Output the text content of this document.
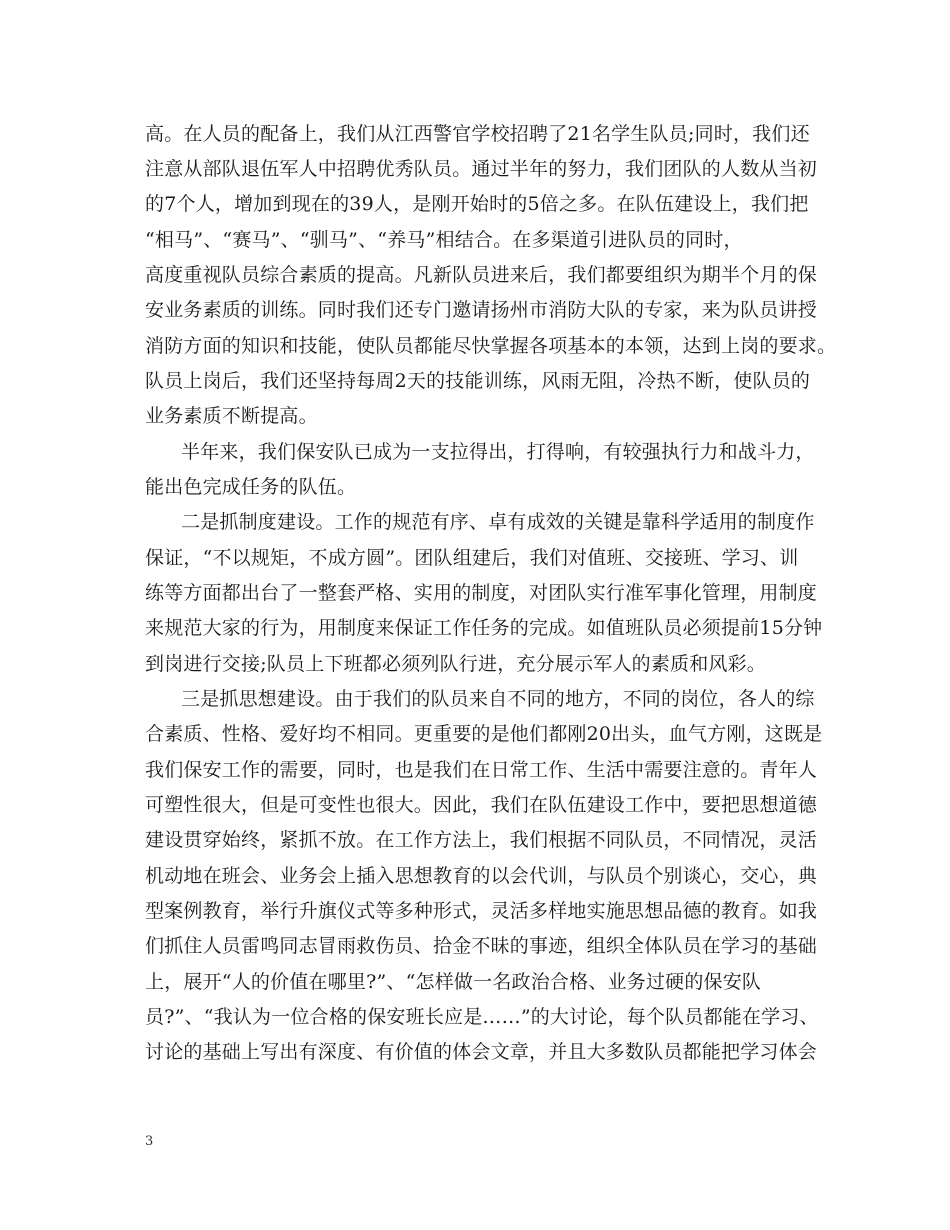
高。在人员的配备上，我们从江西警官学校招聘了21名学生队员;同时，我们还
注意从部队退伍军人中招聘优秀队员。通过半年的努力，我们团队的人数从当初
的7个人，增加到现在的39人，是刚开始时的5倍之多。在队伍建设上，我们把
“相马”、“赛马”、“驯马”、“养马”相结合。在多渠道引进队员的同时，
高度重视队员综合素质的提高。凡新队员进来后，我们都要组织为期半个月的保
安业务素质的训练。同时我们还专门邀请扬州市消防大队的专家，来为队员讲授
消防方面的知识和技能，使队员都能尽快掌握各项基本的本领，达到上岗的要求。
队员上岗后，我们还坚持每周2天的技能训练，风雨无阻，冷热不断，使队员的
业务素质不断提高。
半年来，我们保安队已成为一支拉得出，打得响，有较强执行力和战斗力，
能出色完成任务的队伍。
二是抓制度建设。工作的规范有序、卓有成效的关键是靠科学适用的制度作
保证，“不以规矩，不成方圆”。团队组建后，我们对值班、交接班、学习、训
练等方面都出台了一整套严格、实用的制度，对团队实行准军事化管理，用制度
来规范大家的行为，用制度来保证工作任务的完成。如值班队员必须提前15分钟
到岗进行交接;队员上下班都必须列队行进，充分展示军人的素质和风彩。
三是抓思想建设。由于我们的队员来自不同的地方，不同的岗位，各人的综
合素质、性格、爱好均不相同。更重要的是他们都刚20出头，血气方刚，这既是
我们保安工作的需要，同时，也是我们在日常工作、生活中需要注意的。青年人
可塑性很大，但是可变性也很大。因此，我们在队伍建设工作中，要把思想道德
建设贯穿始终，紧抓不放。在工作方法上，我们根据不同队员，不同情况，灵活
机动地在班会、业务会上插入思想教育的以会代训，与队员个别谈心，交心，典
型案例教育，举行升旗仪式等多种形式，灵活多样地实施思想品德的教育。如我
们抓住人员雷鸣同志冒雨救伤员、拾金不昧的事迹，组织全体队员在学习的基础
上，展开“人的价值在哪里?”、“怎样做一名政治合格、业务过硬的保安队
员?”、“我认为一位合格的保安班长应是……”的大讨论，每个队员都能在学习、
讨论的基础上写出有深度、有价值的体会文章，并且大多数队员都能把学习体会
3
